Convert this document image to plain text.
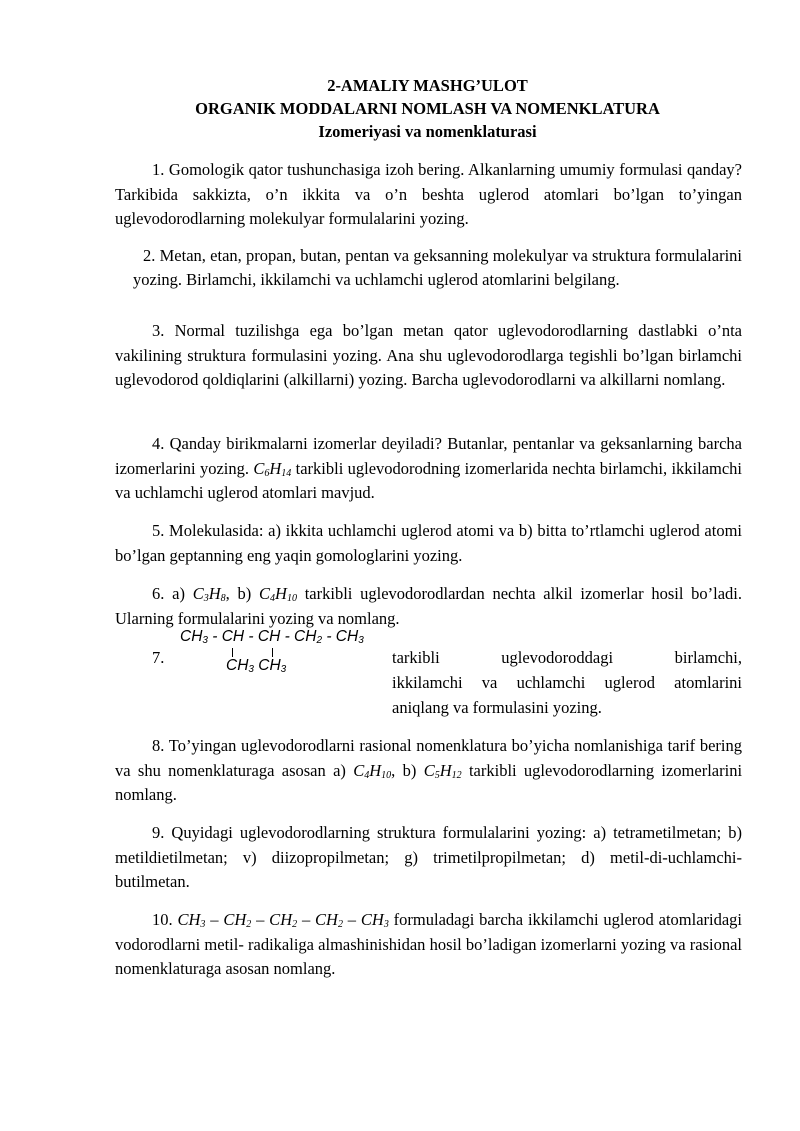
2-AMALIY MASHG’ULOT
ORGANIK MODDALARNI NOMLASH VA NOMENKLATURA
Izomeriyasi va nomenklaturasi
1. Gomologik qator tushunchasiga izoh bering. Alkanlarning umumiy formulasi qanday? Tarkibida sakkizta, o’n ikkita va o’n beshta uglerod atomlari bo’lgan to’yingan uglevodorodlarning molekulyar formulalarini yozing.
2. Metan, etan, propan, butan, pentan va geksanning molekulyar va struktura formulalarini yozing. Birlamchi, ikkilamchi va uchlamchi uglerod atomlarini belgilang.
3. Normal tuzilishga ega bo’lgan metan qator uglevodorodlarning dastlabki o’nta vakilining struktura formulasini yozing. Ana shu uglevodorodlarga tegishli bo’lgan birlamchi uglevodorod qoldiqlarini (alkillarni) yozing. Barcha uglevodorodlarni va alkillarni nomlang.
4. Qanday birikmalarni izomerlar deyiladi? Butanlar, pentanlar va geksanlarning barcha izomerlarini yozing. $C_6H_{14}$ tarkibli uglevodorodning izomerlarida nechta birlamchi, ikkilamchi va uchlamchi uglerod atomlari mavjud.
5. Molekulasida: a) ikkita uchlamchi uglerod atomi va b) bitta to’rtlamchi uglerod atomi bo’lgan geptanning eng yaqin gomologlarini yozing.
6. a) $C_3H_8$, b) $C_4H_{10}$ tarkibli uglevodorodlardan nechta alkil izomerlar hosil bo’ladi. Ularning formulalarini yozing va nomlang.
7.
$CH_3$ - CH - CH - $CH_2 - CH_3$
$CH_3$ $CH_3$
tarkibli uglevodoroddagi birlamchi,
ikkilamchi va uchlamchi uglerod atomlarini aniqlang va formulasini yozing.
8. To’yingan uglevodorodlarni rasional nomenklatura bo’yicha nomlanishiga tarif bering va shu nomenklaturaga asosan a) $C_4H_{10}$, b) $C_5H_{12}$ tarkibli uglevodorodlarning izomerlarini nomlang.
9. Quyidagi uglevodorodlarning struktura formulalarini yozing: a) tetrametilmetan; b) metildietilmetan; v) diizopropilmetan; g) trimetilpropilmetan; d) metil-di-uchlamchi-butilmetan.
10. $CH_3 - CH_2 - CH_2 - CH_2 - CH_3$ formuladagi barcha ikkilamchi uglerod atomlaridagi vodorodlarni metil- radikaliga almashinishidan hosil bo’ladigan izomerlarni yozing va rasional nomenklaturaga asosan nomlang.
